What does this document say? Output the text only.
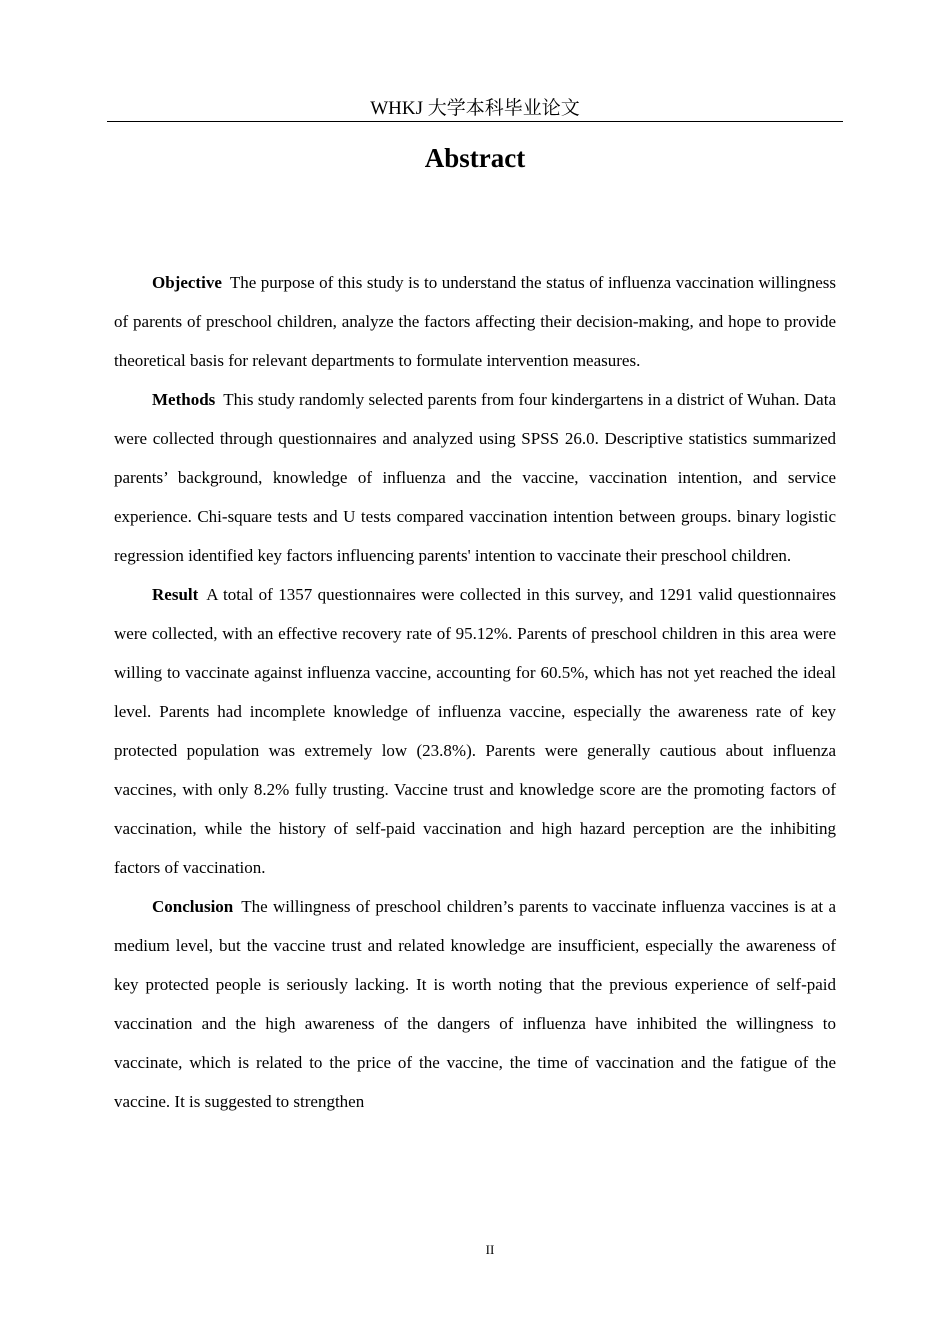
WHKJ 大学本科毕业论文
Abstract

Objective The purpose of this study is to understand the status of influenza vaccination willingness of parents of preschool children, analyze the factors affecting their decision-making, and hope to provide theoretical basis for relevant departments to formulate intervention measures.

Methods This study randomly selected parents from four kindergartens in a district of Wuhan. Data were collected through questionnaires and analyzed using SPSS 26.0. Descriptive statistics summarized parents’ background, knowledge of influenza and the vaccine, vaccination intention, and service experience. Chi-square tests and U tests compared vaccination intention between groups. binary logistic regression identified key factors influencing parents' intention to vaccinate their preschool children.

Result A total of 1357 questionnaires were collected in this survey, and 1291 valid questionnaires were collected, with an effective recovery rate of 95.12%. Parents of preschool children in this area were willing to vaccinate against influenza vaccine, accounting for 60.5%, which has not yet reached the ideal level. Parents had incomplete knowledge of influenza vaccine, especially the awareness rate of key protected population was extremely low (23.8%). Parents were generally cautious about influenza vaccines, with only 8.2% fully trusting. Vaccine trust and knowledge score are the promoting factors of vaccination, while the history of self-paid vaccination and high hazard perception are the inhibiting factors of vaccination.

Conclusion The willingness of preschool children’s parents to vaccinate influenza vaccines is at a medium level, but the vaccine trust and related knowledge are insufficient, especially the awareness of key protected people is seriously lacking. It is worth noting that the previous experience of self-paid vaccination and the high awareness of the dangers of influenza have inhibited the willingness to vaccinate, which is related to the price of the vaccine, the time of vaccination and the fatigue of the vaccine. It is suggested to strengthen

II
